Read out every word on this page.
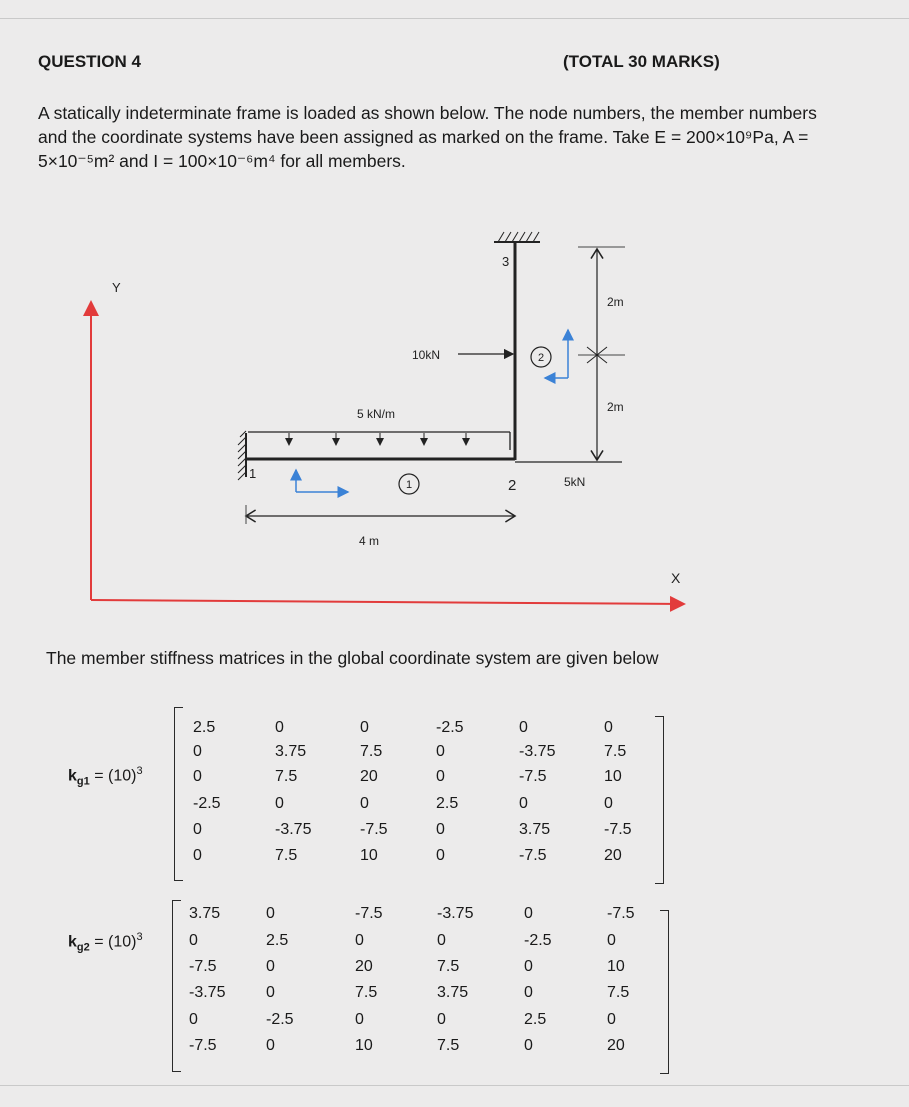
QUESTION 4	(TOTAL 30 MARKS)

A statically indeterminate frame is loaded as shown below. The node numbers, the member numbers and the coordinate systems have been assigned as marked on the frame. Take E = 200×10⁹Pa, A = 5×10⁻⁵m² and I = 100×10⁻⁶m⁴ for all members.

Y
X
1
5 kN/m
1	2
4 m
3
10kN	2
2m
2m
5kN

The member stiffness matrices in the global coordinate system are given below

$k_{g1} = (10)^3$
2.5	0	0	-2.5	0	0
0	3.75	7.5	0	-3.75	7.5
0	7.5	20	0	-7.5	10
-2.5	0	0	2.5	0	0
0	-3.75	-7.5	0	3.75	-7.5
0	7.5	10	0	-7.5	20
$k_{g2} = (10)^3$
3.75	0	-7.5	-3.75	0	-7.5
0	2.5	0	0	-2.5	0
-7.5	0	20	7.5	0	10
-3.75	0	7.5	3.75	0	7.5
0	-2.5	0	0	2.5	0
-7.5	0	10	7.5	0	20
